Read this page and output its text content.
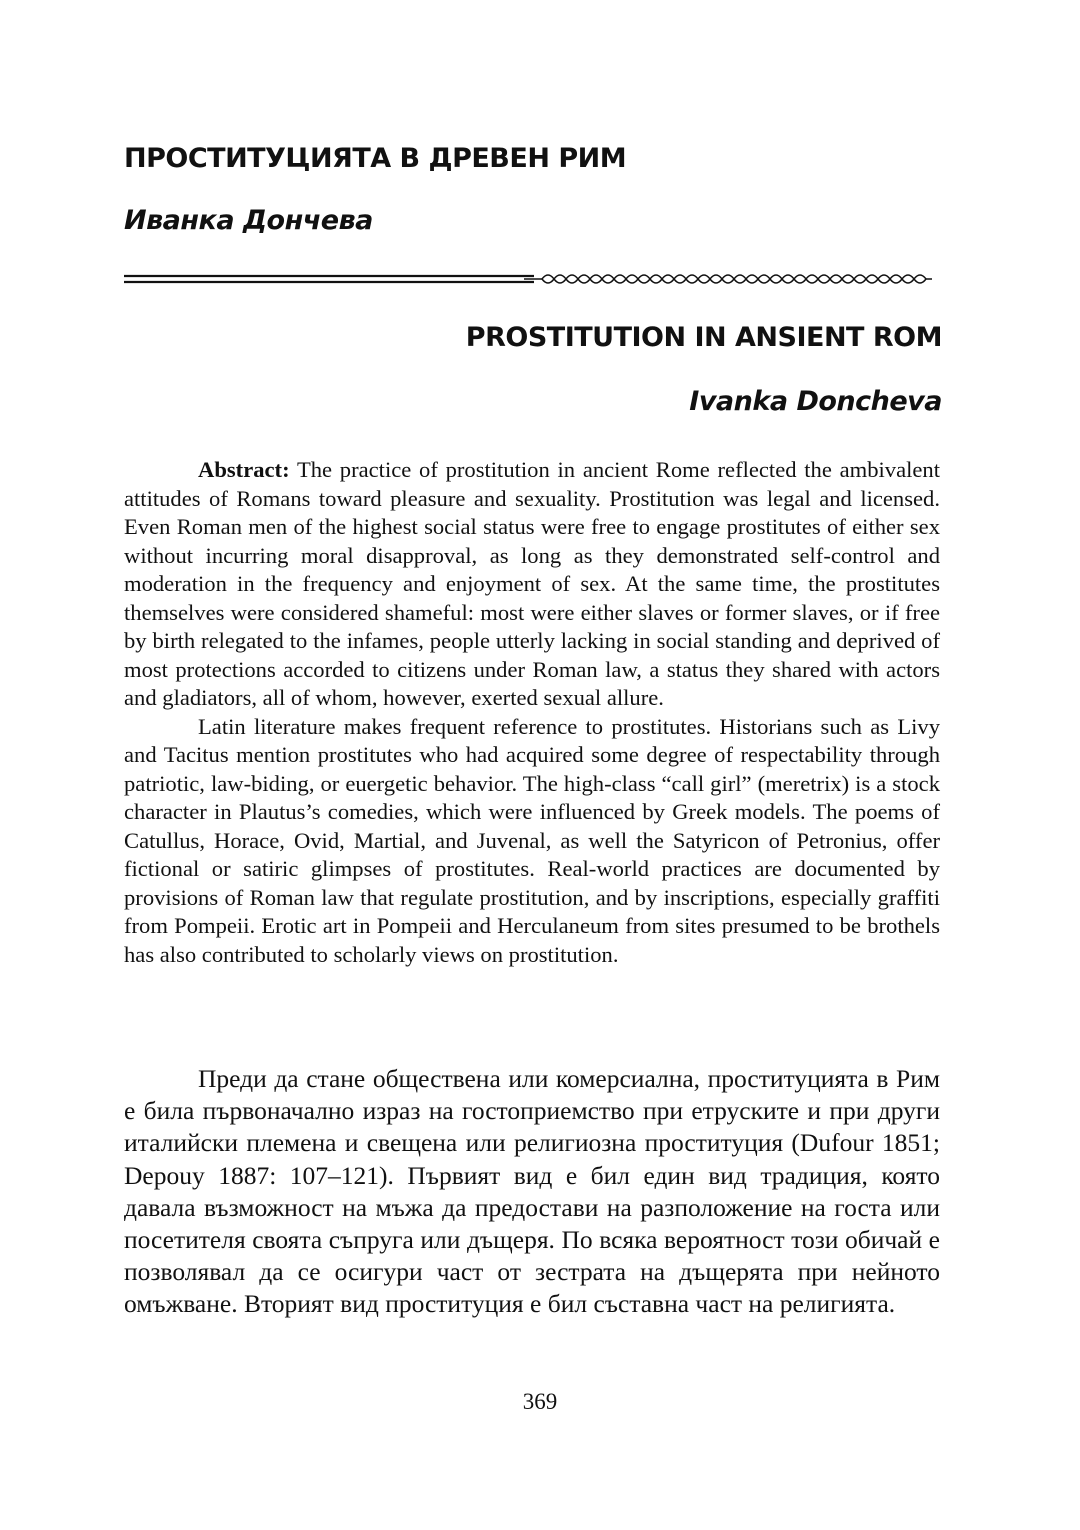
ПРОСТИТУЦИЯТА В ДРЕВЕН РИМ
Иванка Дончева
PROSTITUTION IN ANSIENT ROM
Ivanka Doncheva

Abstract: The practice of prostitution in ancient Rome reflected the ambivalent attitudes of Romans toward pleasure and sexuality. Prostitution was legal and licensed. Even Roman men of the highest social status were free to engage prostitutes of either sex without incurring moral disapproval, as long as they demonstrated self-control and moderation in the frequency and enjoyment of sex. At the same time, the prostitutes themselves were considered shameful: most were either slaves or former slaves, or if free by birth relegated to the infames, people utterly lacking in social standing and deprived of most protections accorded to citizens under Roman law, a status they shared with actors and gladiators, all of whom, however, exerted sexual allure.

Latin literature makes frequent reference to prostitutes. Historians such as Livy and Tacitus mention prostitutes who had acquired some degree of respectability through patriotic, law-biding, or euergetic behavior. The high-class “call girl” (meretrix) is a stock character in Plautus’s comedies, which were influenced by Greek models. The poems of Catullus, Horace, Ovid, Martial, and Juvenal, as well the Satyricon of Petronius, offer fictional or satiric glimpses of prostitutes. Real-world practices are documented by provisions of Roman law that regulate prostitution, and by inscriptions, especially graffiti from Pompeii. Erotic art in Pompeii and Herculaneum from sites presumed to be brothels has also contributed to scholarly views on prostitution.

Преди да стане обществена или комерсиална, проституцията в Рим е била първоначално израз на гостоприемство при етруските и при други италийски племена и свещена или религиозна проституция (Dufour 1851; Depouy 1887: 107–121). Първият вид е бил един вид традиция, която давала възможност на мъжа да предостави на разположение на госта или посетителя своята съпруга или дъщеря. По всяка вероятност този обичай е позволявал да се осигури част от зестрата на дъщерята при нейното омъжване. Вторият вид проституция е бил съставна част на религията.

369
